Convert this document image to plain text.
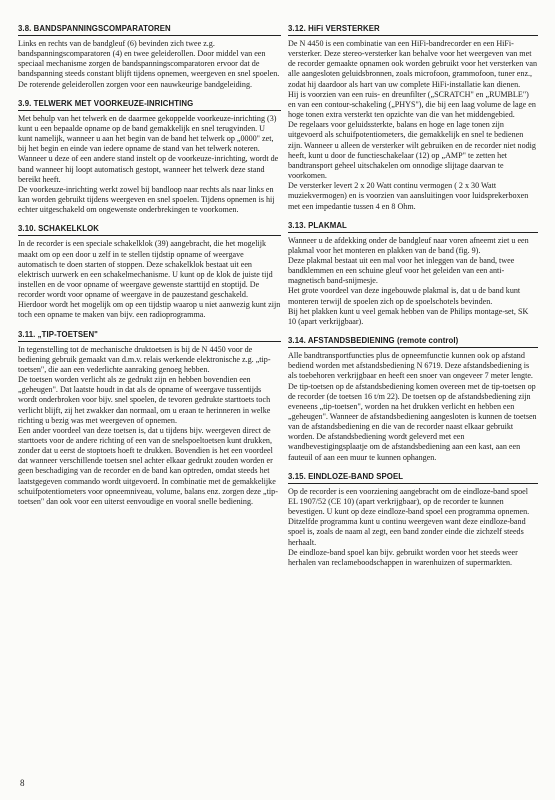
3.8. BANDSPANNINGSCOMPARATOREN

Links en rechts van de bandgleuf (6) bevinden zich twee z.g. bandspanningscomparatoren (4) en twee geleiderollen. Door middel van een speciaal mechanisme zorgen de bandspanningscomparatoren ervoor dat de bandspanning steeds constant blijft tijdens opnemen, weergeven en snel spoelen. De roterende geleiderollen zorgen voor een nauwkeurige bandgeleiding.

3.9. TELWERK MET VOORKEUZE-INRICHTING

Met behulp van het telwerk en de daarmee gekoppelde voorkeuze-inrichting (3) kunt u een bepaalde opname op de band gemakkelijk en snel terugvinden. U kunt namelijk, wanneer u aan het begin van de band het telwerk op „0000" zet, bij het begin en einde van iedere opname de stand van het telwerk noteren. Wanneer u deze of een andere stand instelt op de voorkeuze-inrichting, wordt de band wanneer hij loopt automatisch gestopt, wanneer het telwerk deze stand bereikt heeft.

De voorkeuze-inrichting werkt zowel bij bandloop naar rechts als naar links en kan worden gebruikt tijdens weergeven en snel spoelen. Tijdens opnemen is hij echter uitgeschakeld om ongewenste onderbrekingen te voorkomen.

3.10. SCHAKELKLOK

In de recorder is een speciale schakelklok (39) aangebracht, die het mogelijk maakt om op een door u zelf in te stellen tijdstip opname of weergave automatisch te doen starten of stoppen. Deze schakelklok bestaat uit een elektrisch uurwerk en een schakelmechanisme. U kunt op de klok de juiste tijd instellen en de voor opname of weergave gewenste starttijd en stoptijd. De recorder wordt voor opname of weergave in de pauzestand geschakeld.

Hierdoor wordt het mogelijk om op een tijdstip waarop u niet aanwezig kunt zijn toch een opname te maken van bijv. een radioprogramma.

3.11. „TIP-TOETSEN"

In tegenstelling tot de mechanische druktoetsen is bij de N 4450 voor de bediening gebruik gemaakt van d.m.v. relais werkende elektronische z.g. „tip-toetsen", die aan een vederlichte aanraking genoeg hebben.

De toetsen worden verlicht als ze gedrukt zijn en hebben bovendien een „geheugen". Dat laatste houdt in dat als de opname of weergave tussentijds wordt onderbroken voor bijv. snel spoelen, de tevoren gedrukte starttoets toch verlicht blijft, zij het zwakker dan normaal, om u eraan te herinneren in welke richting u bezig was met weergeven of opnemen.

Een ander voordeel van deze toetsen is, dat u tijdens bijv. weergeven direct de starttoets voor de andere richting of een van de snelspoeltoetsen kunt drukken, zonder dat u eerst de stoptoets hoeft te drukken. Bovendien is het een voordeel dat wanneer verschillende toetsen snel achter elkaar gedrukt zouden worden er geen beschadiging van de recorder en de band kan optreden, omdat steeds het laatstgegeven commando wordt uitgevoerd. In combinatie met de gemakkelijke schuifpotentiometers voor opneemniveau, volume, balans enz. zorgen deze „tip-toetsen" dan ook voor een uiterst eenvoudige en vooral snelle bediening.

3.12. HiFi VERSTERKER

De N 4450 is een combinatie van een HiFi-bandrecorder en een HiFi-versterker. Deze stereo-versterker kan behalve voor het weergeven van met de recorder gemaakte opnamen ook worden gebruikt voor het versterken van alle aangesloten geluidsbronnen, zoals microfoon, grammofoon, tuner enz., zodat hij daardoor als hart van uw complete HiFi-installatie kan dienen.

Hij is voorzien van een ruis- en dreunfilter („SCRATCH" en „RUMBLE") en van een contour-schakeling („PHYS"), die bij een laag volume de lage en hoge tonen extra versterkt ten opzichte van die van het middengebied.

De regelaars voor geluidssterkte, balans en hoge en lage tonen zijn uitgevoerd als schuifpotentiometers, die gemakkelijk en snel te bedienen zijn. Wanneer u alleen de versterker wilt gebruiken en de recorder niet nodig heeft, kunt u door de functieschakelaar (12) op „AMP" te zetten het bandtransport geheel uitschakelen om onnodige slijtage daarvan te voorkomen.

De versterker levert 2 x 20 Watt continu vermogen ( 2 x 30 Watt muziekvermogen) en is voorzien van aansluitingen voor luidsprekerboxen met een impedantie tussen 4 en 8 Ohm.

3.13. PLAKMAL

Wanneer u de afdekking onder de bandgleuf naar voren afneemt ziet u een plakmal voor het monteren en plakken van de band (fig. 9).

Deze plakmal bestaat uit een mal voor het inleggen van de band, twee bandklemmen en een schuine gleuf voor het geleiden van een anti-magnetisch band-snijmesje.

Het grote voordeel van deze ingebouwde plakmal is, dat u de band kunt monteren terwijl de spoelen zich op de spoelschotels bevinden.

Bij het plakken kunt u veel gemak hebben van de Philips montage-set, SK 10 (apart verkrijgbaar).

3.14. AFSTANDSBEDIENING (remote control)

Alle bandtransportfuncties plus de opneemfunctie kunnen ook op afstand bediend worden met afstandsbediening N 6719. Deze afstandsbediening is als toebehoren verkrijgbaar en heeft een snoer van ongeveer 7 meter lengte. De tip-toetsen op de afstandsbediening komen overeen met de tip-toetsen op de recorder (de toetsen 16 t/m 22). De toetsen op de afstandsbediening zijn eveneens „tip-toetsen", worden na het drukken verlicht en hebben een „geheugen". Wanneer de afstandsbediening aangesloten is kunnen de toetsen van de afstandsbediening en die van de recorder naast elkaar gebruikt worden. De afstandsbediening wordt geleverd met een wandbevestigingsplaatje om de afstandsbediening aan een kast, aan een fauteuil of aan een muur te kunnen ophangen.

3.15. EINDLOZE-BAND SPOEL

Op de recorder is een voorziening aangebracht om de eindloze-band spoel EL 1907/52 (CE 10) (apart verkrijgbaar), op de recorder te kunnen bevestigen. U kunt op deze eindloze-band spoel een programma opnemen. Ditzelfde programma kunt u continu weergeven want deze eindloze-band spoel is, zoals de naam al zegt, een band zonder einde die zichzelf steeds herhaalt.

De eindloze-band spoel kan bijv. gebruikt worden voor het steeds weer herhalen van reclameboodschappen in warenhuizen of supermarkten.

8
